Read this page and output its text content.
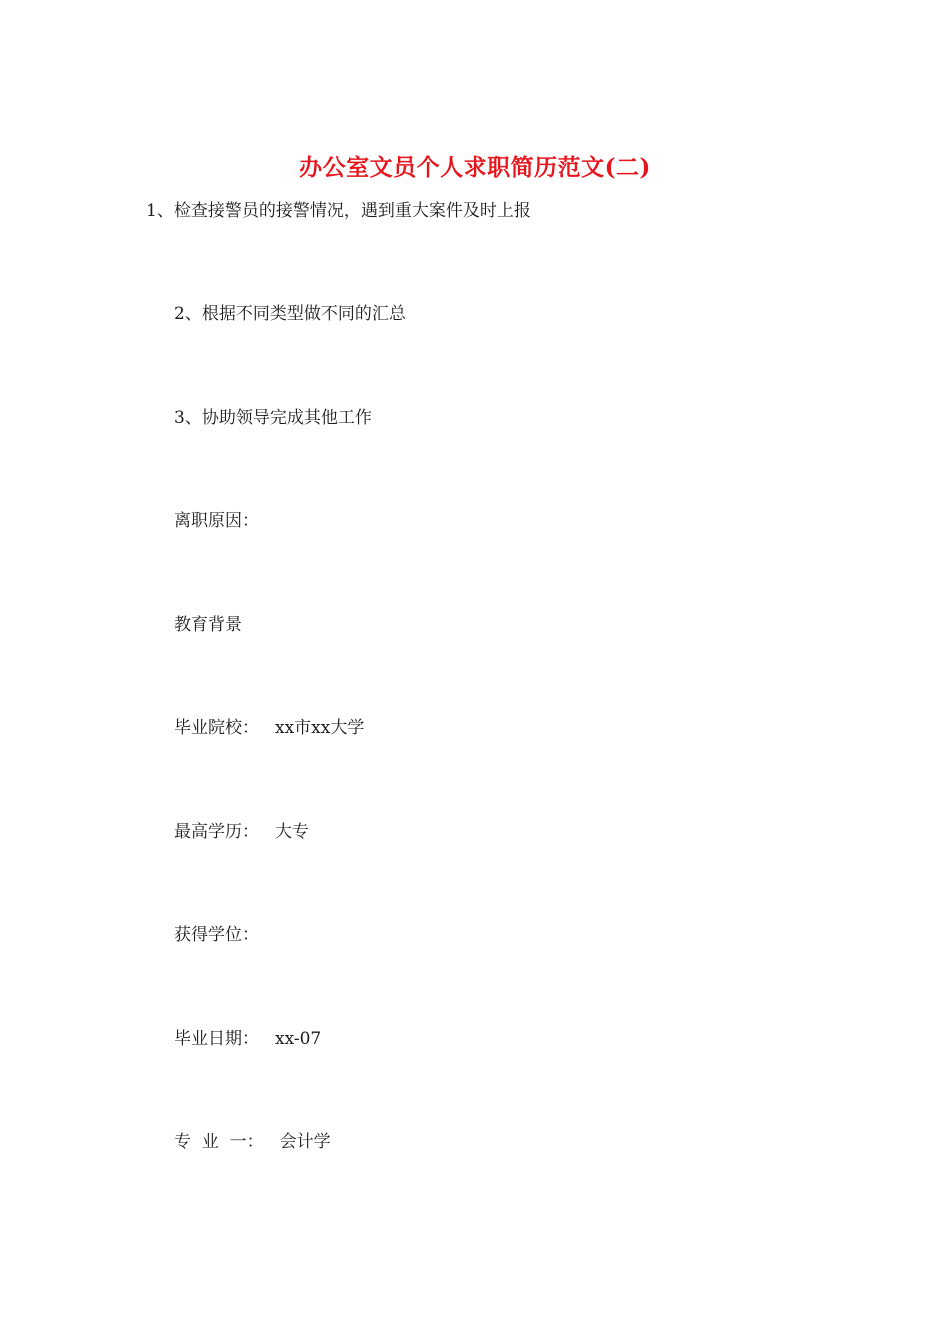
办公室文员个人求职简历范文(二)
1、检查接警员的接警情况，遇到重大案件及时上报
2、根据不同类型做不同的汇总
3、协助领导完成其他工作
离职原因：
教育背景
毕业院校： xx市xx大学
最高学历： 大专
获得学位：
毕业日期： xx-07
专  业  一： 会计学
